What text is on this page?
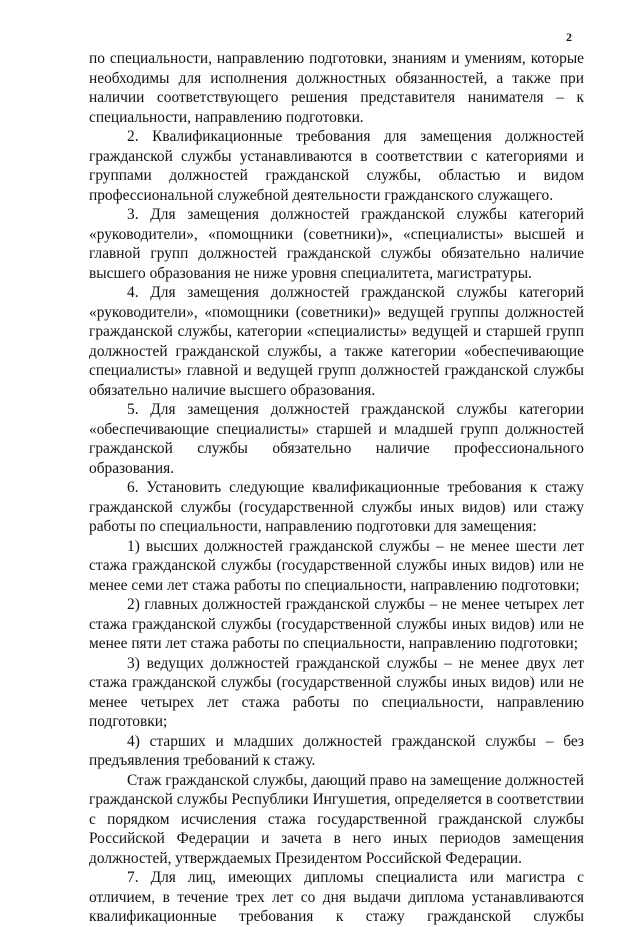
2

по специальности, направлению подготовки, знаниям и умениям, которые

необходимы для исполнения должностных обязанностей, а также при

наличии соответствующего решения представителя нанимателя – к

специальности, направлению подготовки.

2. Квалификационные требования для замещения должностей

гражданской службы устанавливаются в соответствии с категориями и

группами должностей гражданской службы, областью и видом

профессиональной служебной деятельности гражданского служащего.

3. Для замещения должностей гражданской службы категорий

«руководители», «помощники (советники)», «специалисты» высшей и

главной групп должностей гражданской службы обязательно наличие

высшего образования не ниже уровня специалитета, магистратуры.

4. Для замещения должностей гражданской службы категорий

«руководители», «помощники (советники)» ведущей группы должностей

гражданской службы, категории «специалисты» ведущей и старшей групп

должностей гражданской службы, а также категории «обеспечивающие

специалисты» главной и ведущей групп должностей гражданской службы

обязательно наличие высшего образования.

5. Для замещения должностей гражданской службы категории

«обеспечивающие специалисты» старшей и младшей групп должностей

гражданской службы обязательно наличие профессионального

образования.

6. Установить следующие квалификационные требования к стажу

гражданской службы (государственной службы иных видов) или стажу

работы по специальности, направлению подготовки для замещения:

1) высших должностей гражданской службы – не менее шести лет

стажа гражданской службы (государственной службы иных видов) или не

менее семи лет стажа работы по специальности, направлению подготовки;

2) главных должностей гражданской службы – не менее четырех лет

стажа гражданской службы (государственной службы иных видов) или не

менее пяти лет стажа работы по специальности, направлению подготовки;

3) ведущих должностей гражданской службы – не менее двух лет

стажа гражданской службы (государственной службы иных видов) или не

менее четырех лет стажа работы по специальности, направлению

подготовки;

4) старших и младших должностей гражданской службы – без

предъявления требований к стажу.

Стаж гражданской службы, дающий право на замещение должностей

гражданской службы Республики Ингушетия, определяется в соответствии

с порядком исчисления стажа государственной гражданской службы

Российской Федерации и зачета в него иных периодов замещения

должностей, утверждаемых Президентом Российской Федерации.

7. Для лиц, имеющих дипломы специалиста или магистра с

отличием, в течение трех лет со дня выдачи диплома устанавливаются

квалификационные требования к стажу гражданской службы
